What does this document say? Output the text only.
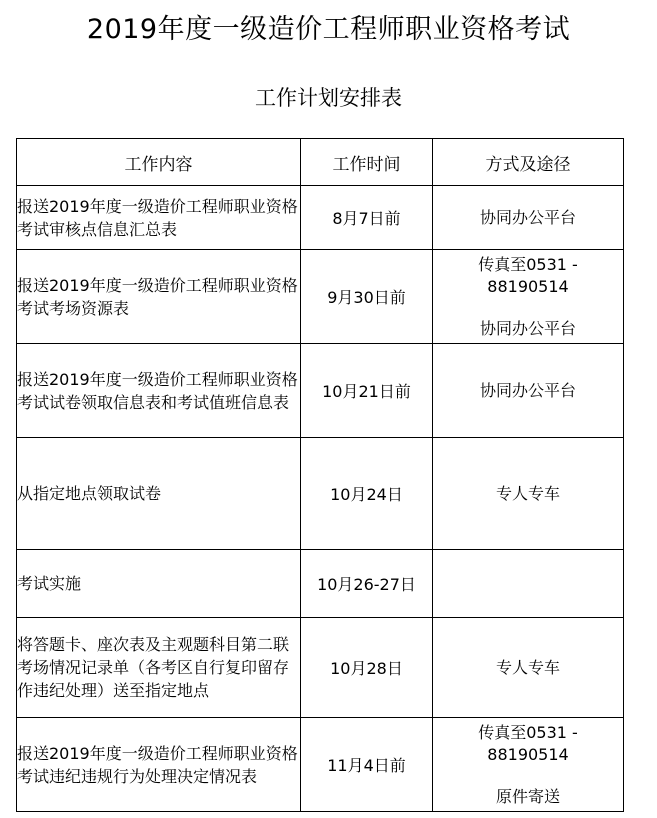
2019年度一级造价工程师职业资格考试
工作计划安排表
工作内容	工作时间	方式及途径
报送2019年度一级造价工程师职业资格考试审核点信息汇总表	8月7日前	协同办公平台

报送2019年度一级造价工程师职业资格考试考场资源表	9月30日前	传真至0531 -
88190514
协同办公平台

报送2019年度一级造价工程师职业资格考试试卷领取信息表和考试值班信息表	10月21日前	协同办公平台

从指定地点领取试卷	10月24日	专人专车

考试实施	10月26-27日	
将答题卡、座次表及主观题科目第二联考场情况记录单（各考区自行复印留存作违纪处理）送至指定地点	10月28日	专人专车

报送2019年度一级造价工程师职业资格考试违纪违规行为处理决定情况表	11月4日前	传真至0531 -
88190514
原件寄送
